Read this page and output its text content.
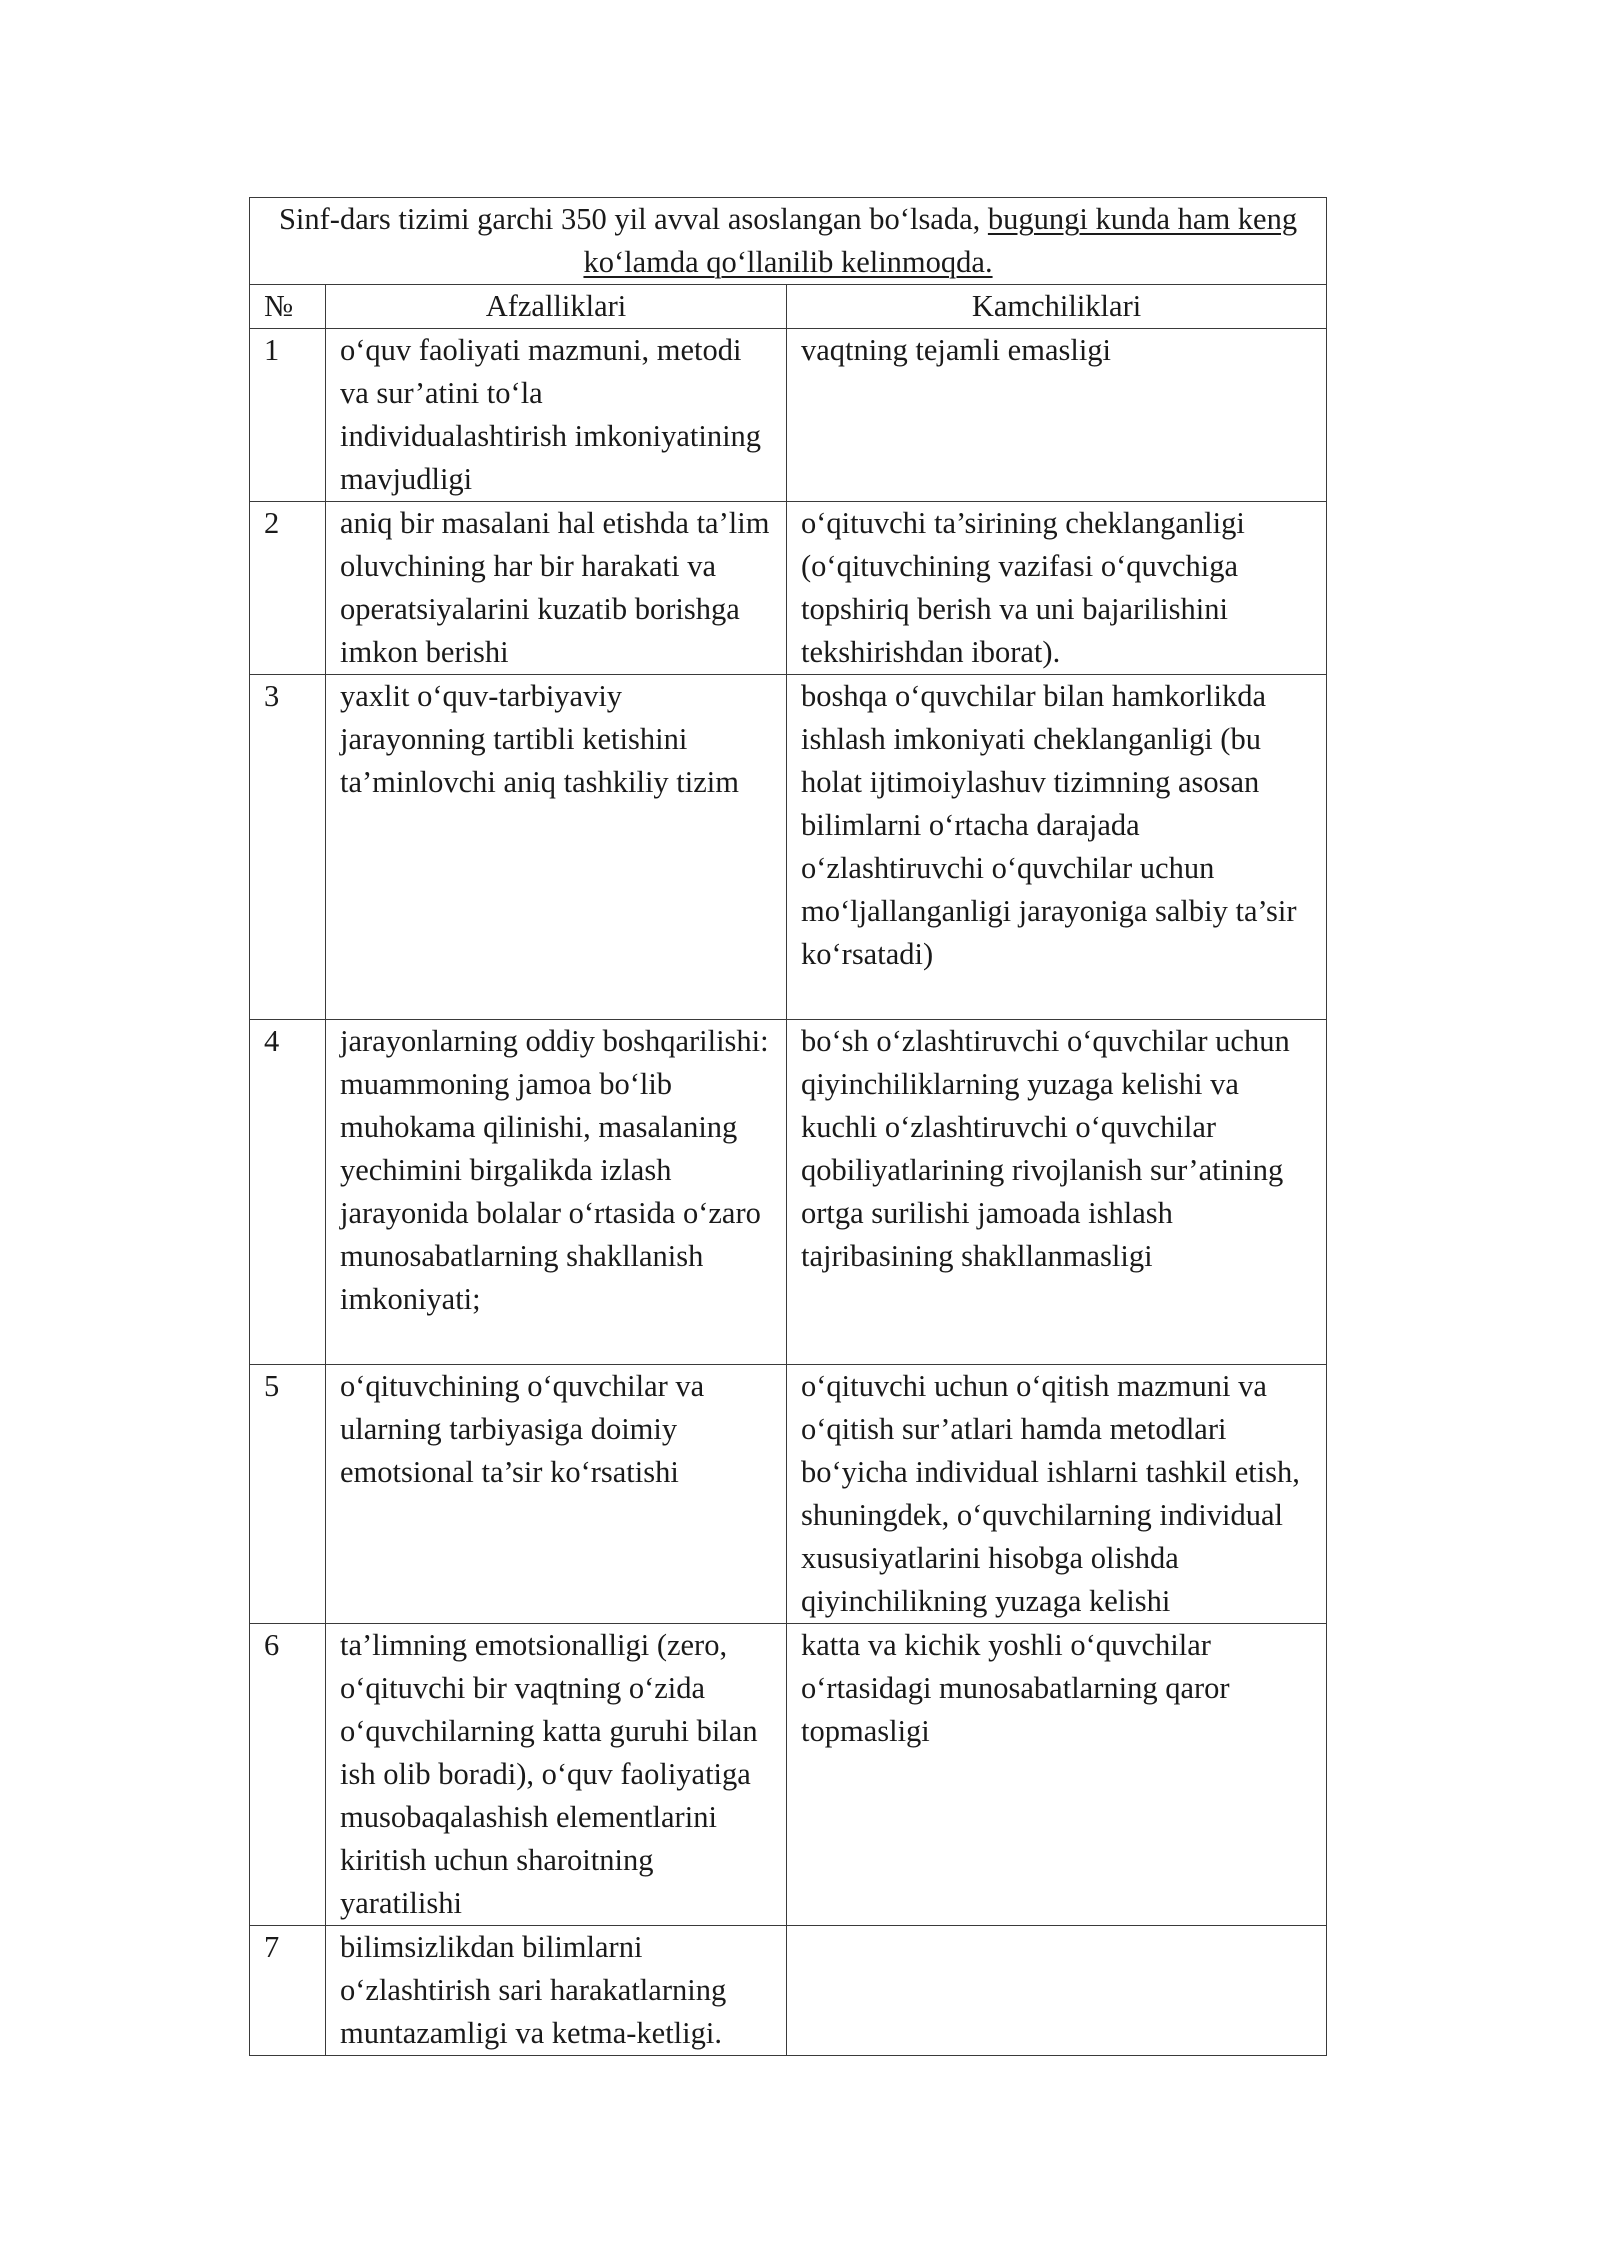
Sinf-dars tizimi garchi 350 yil avval asoslangan bo‘lsada, bugungi kunda ham keng ko‘lamda qo‘llanilib kelinmoqda.		
№	Afzalliklari	Kamchiliklari
1	o‘quv faoliyati mazmuni, metodi va sur’atini to‘la individualashtirish imkoniyatining mavjudligi	vaqtning tejamli emasligi
2	aniq bir masalani hal etishda ta’lim oluvchining har bir harakati va operatsiyalarini kuzatib borishga imkon berishi	o‘qituvchi ta’sirining cheklanganligi (o‘qituvchining vazifasi o‘quvchiga topshiriq berish va uni bajarilishini tekshirishdan iborat).
3	yaxlit o‘quv-tarbiyaviy jarayonning tartibli ketishini ta’minlovchi aniq tashkiliy tizim	boshqa o‘quvchilar bilan hamkorlikda ishlash imkoniyati cheklanganligi (bu holat ijtimoiylashuv tizimning asosan bilimlarni o‘rtacha darajada o‘zlashtiruvchi o‘quvchilar uchun mo‘ljallanganligi jarayoniga salbiy ta’sir ko‘rsatadi)
4	jarayonlarning oddiy boshqarilishi: muammoning jamoa bo‘lib muhokama qilinishi, masalaning yechimini birgalikda izlash jarayonida bolalar o‘rtasida o‘zaro munosabatlarning shakllanish imkoniyati;	bo‘sh o‘zlashtiruvchi o‘quvchilar uchun qiyinchiliklarning yuzaga kelishi va kuchli o‘zlashtiruvchi o‘quvchilar qobiliyatlarining rivojlanish sur’atining ortga surilishi jamoada ishlash tajribasining shakllanmasligi
5	o‘qituvchining o‘quvchilar va ularning tarbiyasiga doimiy emotsional ta’sir ko‘rsatishi	o‘qituvchi uchun o‘qitish mazmuni va o‘qitish sur’atlari hamda metodlari bo‘yicha individual ishlarni tashkil etish, shuningdek, o‘quvchilarning individual xususiyatlarini hisobga olishda qiyinchilikning yuzaga kelishi
6	ta’limning emotsionalligi (zero, o‘qituvchi bir vaqtning o‘zida o‘quvchilarning katta guruhi bilan ish olib boradi), o‘quv faoliyatiga musobaqalashish elementlarini kiritish uchun sharoitning yaratilishi	katta va kichik yoshli o‘quvchilar o‘rtasidagi munosabatlarning qaror topmasligi
7	bilimsizlikdan bilimlarni o‘zlashtirish sari harakatlarning muntazamligi va ketma-ketligi.	
